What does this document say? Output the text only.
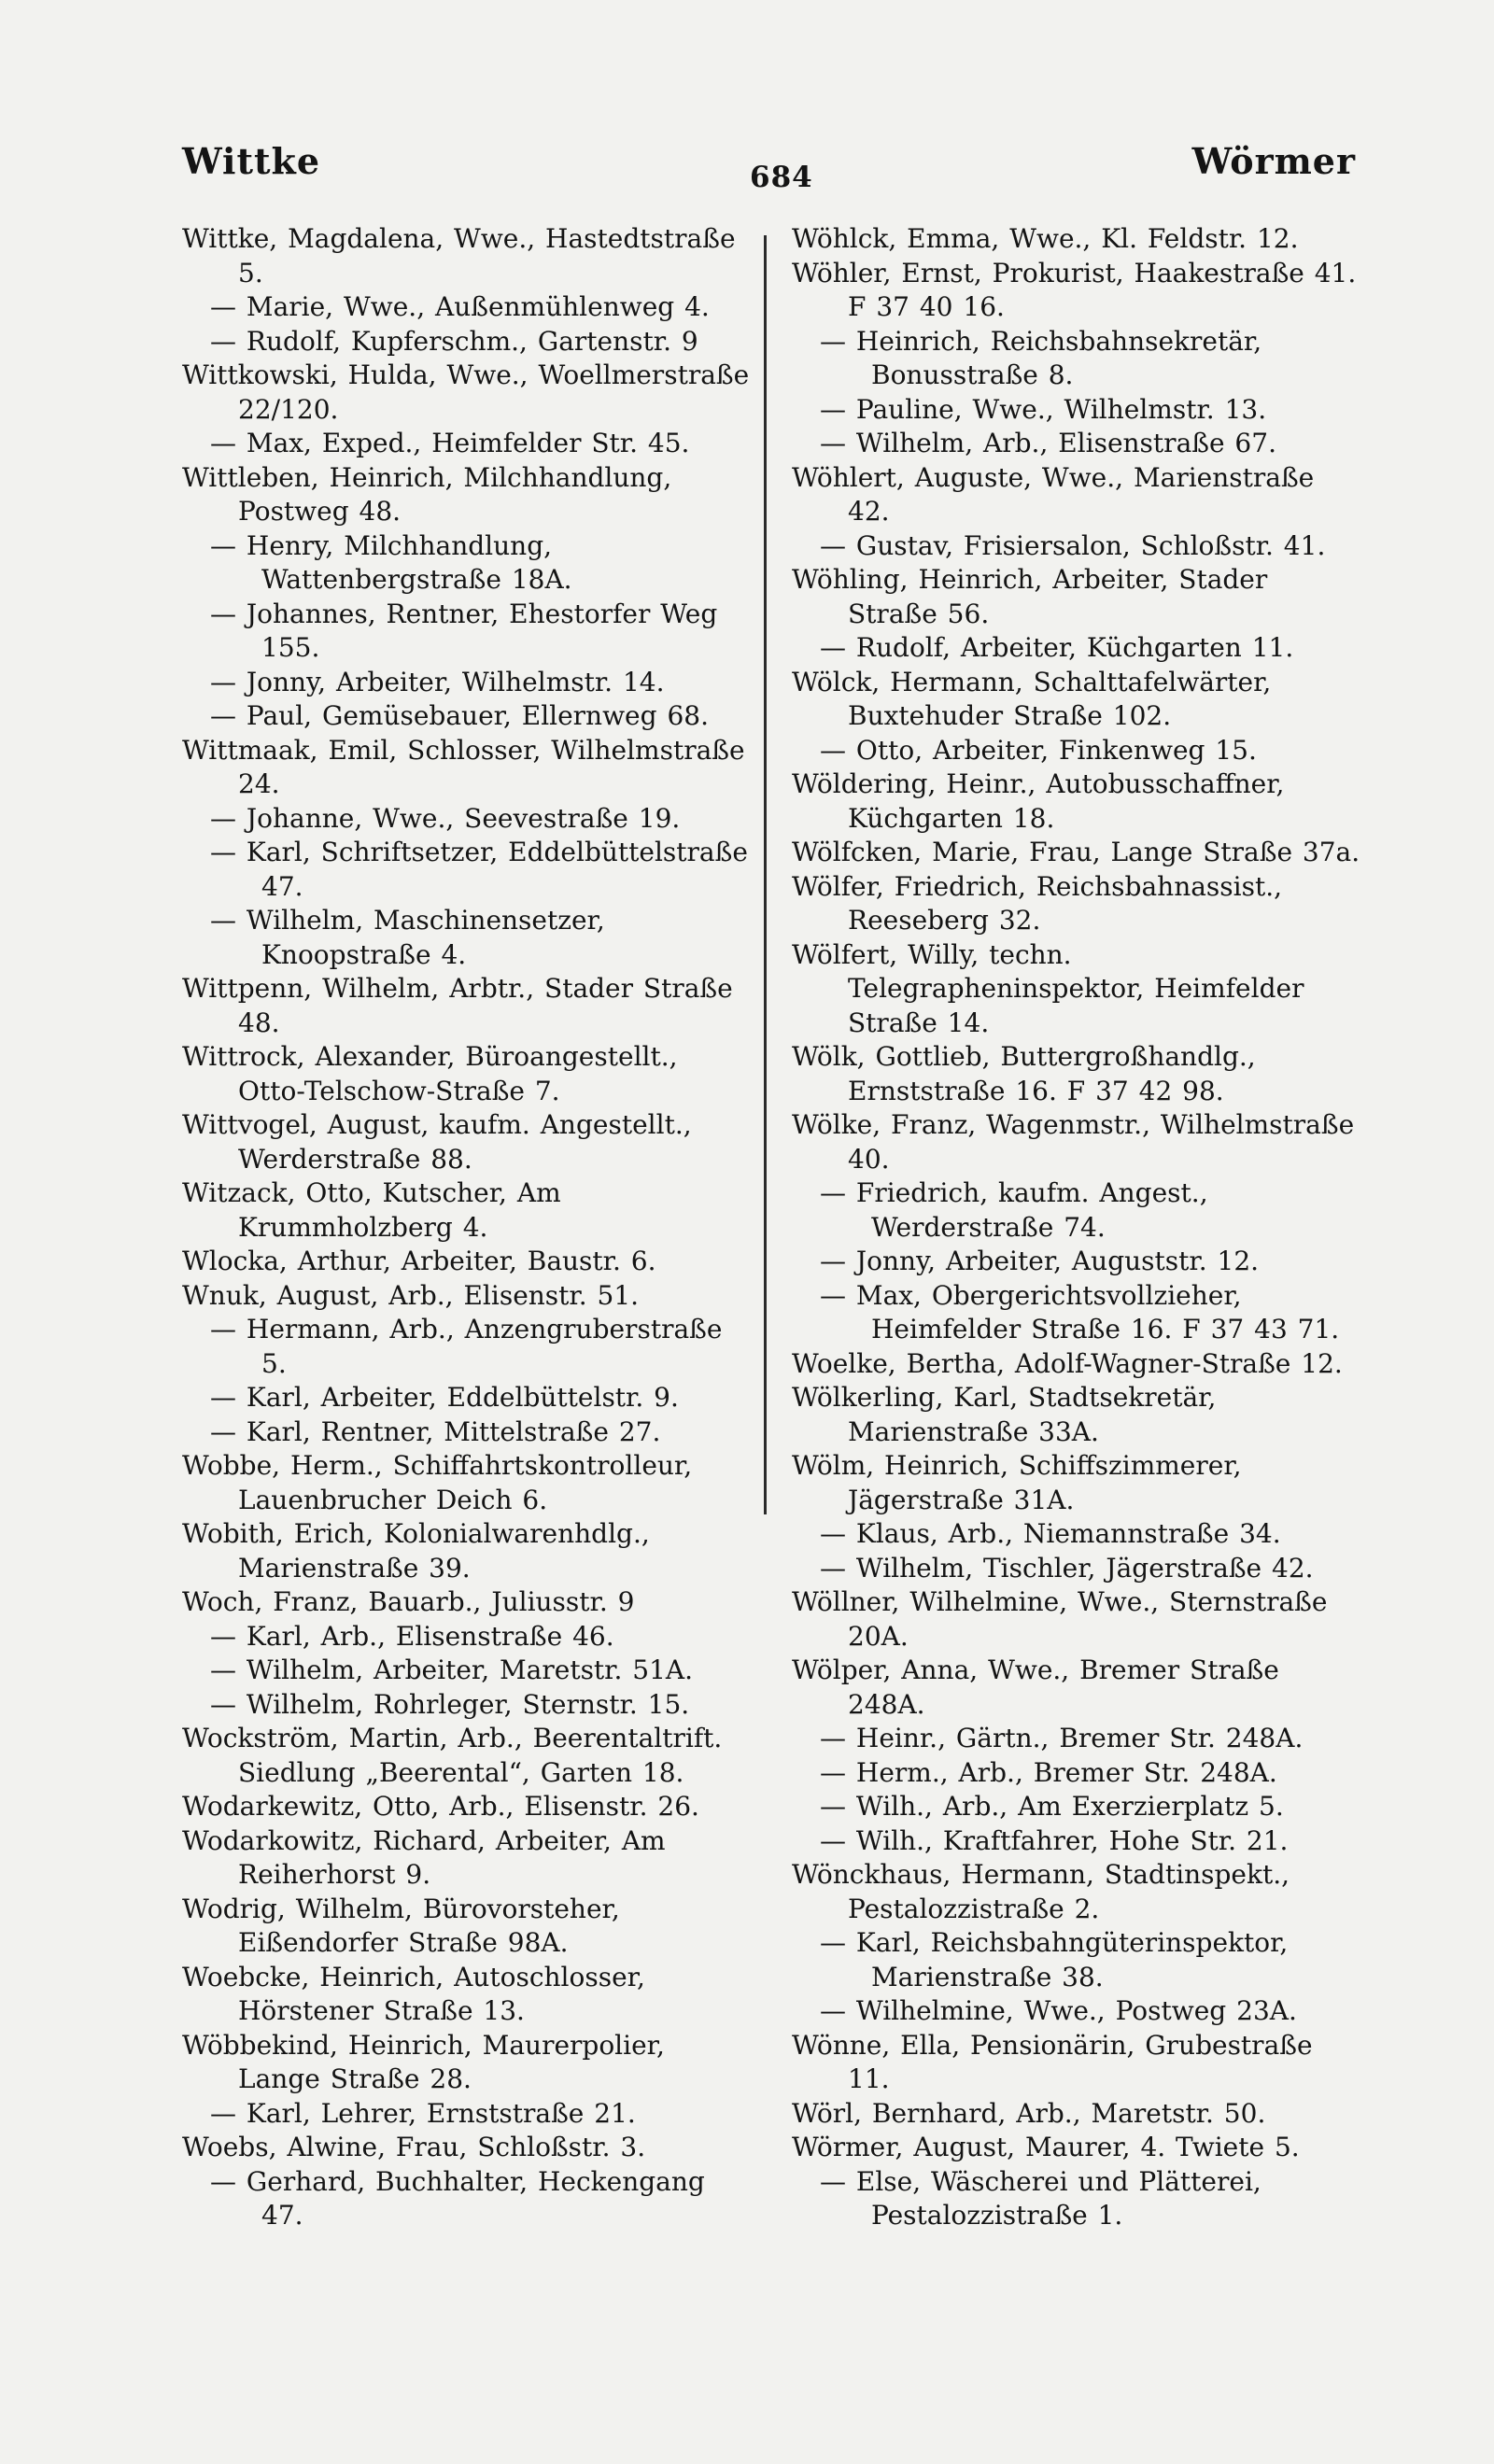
Wittke	684	Wörmer
Wittke, Magdalena, Wwe., Hastedtstraße 5.
— Marie, Wwe., Außenmühlenweg 4.
— Rudolf, Kupferschm., Gartenstr. 9
Wittkowski, Hulda, Wwe., Woellmerstraße 22/120.
— Max, Exped., Heimfelder Str. 45.
Wittleben, Heinrich, Milchhandlung, Postweg 48.
— Henry, Milchhandlung, Wattenbergstraße 18A.
— Johannes, Rentner, Ehestorfer Weg 155.
— Jonny, Arbeiter, Wilhelmstr. 14.
— Paul, Gemüsebauer, Ellernweg 68.
Wittmaak, Emil, Schlosser, Wilhelmstraße 24.
— Johanne, Wwe., Seevestraße 19.
— Karl, Schriftsetzer, Eddelbüttelstraße 47.
— Wilhelm, Maschinensetzer, Knoopstraße 4.
Wittpenn, Wilhelm, Arbtr., Stader Straße 48.
Wittrock, Alexander, Büroangestellt., Otto-Telschow-Straße 7.
Wittvogel, August, kaufm. Angestellt., Werderstraße 88.
Witzack, Otto, Kutscher, Am Krummholzberg 4.
Wlocka, Arthur, Arbeiter, Baustr. 6.
Wnuk, August, Arb., Elisenstr. 51.
— Hermann, Arb., Anzengruberstraße 5.
— Karl, Arbeiter, Eddelbüttelstr. 9.
— Karl, Rentner, Mittelstraße 27.
Wobbe, Herm., Schiffahrtskontrolleur, Lauenbrucher Deich 6.
Wobith, Erich, Kolonialwarenhdlg., Marienstraße 39.
Woch, Franz, Bauarb., Juliusstr. 9
— Karl, Arb., Elisenstraße 46.
— Wilhelm, Arbeiter, Maretstr. 51A.
— Wilhelm, Rohrleger, Sternstr. 15.
Wockström, Martin, Arb., Beerentaltrift. Siedlung „Beerental“, Garten 18.
Wodarkewitz, Otto, Arb., Elisenstr. 26.
Wodarkowitz, Richard, Arbeiter, Am Reiherhorst 9.
Wodrig, Wilhelm, Bürovorsteher, Eißendorfer Straße 98A.
Woebcke, Heinrich, Autoschlosser, Hörstener Straße 13.
Wöbbekind, Heinrich, Maurerpolier, Lange Straße 28.
— Karl, Lehrer, Ernststraße 21.
Woebs, Alwine, Frau, Schloßstr. 3.
— Gerhard, Buchhalter, Heckengang 47.
Wöhlck, Emma, Wwe., Kl. Feldstr. 12.
Wöhler, Ernst, Prokurist, Haakestraße 41. F 37 40 16.
— Heinrich, Reichsbahnsekretär, Bonusstraße 8.
— Pauline, Wwe., Wilhelmstr. 13.
— Wilhelm, Arb., Elisenstraße 67.
Wöhlert, Auguste, Wwe., Marienstraße 42.
— Gustav, Frisiersalon, Schloßstr. 41.
Wöhling, Heinrich, Arbeiter, Stader Straße 56.
— Rudolf, Arbeiter, Küchgarten 11.
Wölck, Hermann, Schalttafelwärter, Buxtehuder Straße 102.
— Otto, Arbeiter, Finkenweg 15.
Wöldering, Heinr., Autobusschaffner, Küchgarten 18.
Wölfcken, Marie, Frau, Lange Straße 37a.
Wölfer, Friedrich, Reichsbahnassist., Reeseberg 32.
Wölfert, Willy, techn. Telegrapheninspektor, Heimfelder Straße 14.
Wölk, Gottlieb, Buttergroßhandlg., Ernststraße 16. F 37 42 98.
Wölke, Franz, Wagenmstr., Wilhelmstraße 40.
— Friedrich, kaufm. Angest., Werderstraße 74.
— Jonny, Arbeiter, Auguststr. 12.
— Max, Obergerichtsvollzieher, Heimfelder Straße 16. F 37 43 71.
Woelke, Bertha, Adolf-Wagner-Straße 12.
Wölkerling, Karl, Stadtsekretär, Marienstraße 33A.
Wölm, Heinrich, Schiffszimmerer, Jägerstraße 31A.
— Klaus, Arb., Niemannstraße 34.
— Wilhelm, Tischler, Jägerstraße 42.
Wöllner, Wilhelmine, Wwe., Sternstraße 20A.
Wölper, Anna, Wwe., Bremer Straße 248A.
— Heinr., Gärtn., Bremer Str. 248A.
— Herm., Arb., Bremer Str. 248A.
— Wilh., Arb., Am Exerzierplatz 5.
— Wilh., Kraftfahrer, Hohe Str. 21.
Wönckhaus, Hermann, Stadtinspekt., Pestalozzistraße 2.
— Karl, Reichsbahngüterinspektor, Marienstraße 38.
— Wilhelmine, Wwe., Postweg 23A.
Wönne, Ella, Pensionärin, Grubestraße 11.
Wörl, Bernhard, Arb., Maretstr. 50.
Wörmer, August, Maurer, 4. Twiete 5.
— Else, Wäscherei und Plätterei, Pestalozzistraße 1.
